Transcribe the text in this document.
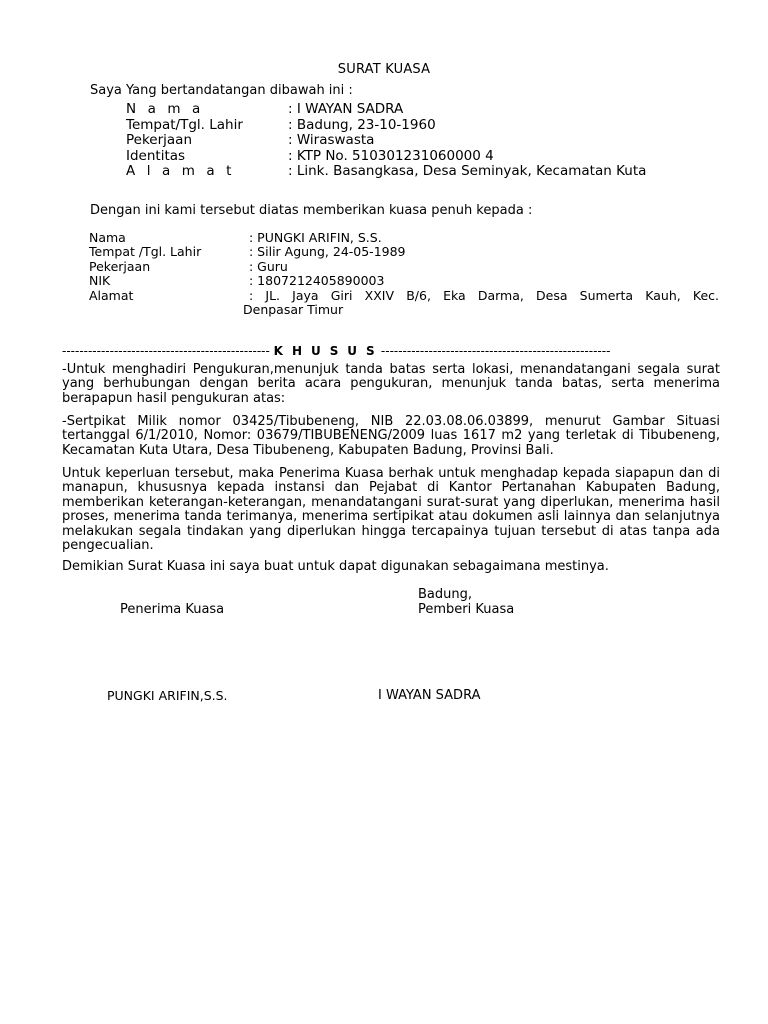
SURAT KUASA
Saya Yang bertandatangan dibawah ini :
N a m a	: I WAYAN SADRA
Tempat/Tgl. Lahir	: Badung, 23-10-1960
Pekerjaan	: Wiraswasta
Identitas	: KTP No. 510301231060000 4
A l a m a t	: Link. Basangkasa, Desa Seminyak, Kecamatan Kuta
Dengan ini kami tersebut diatas memberikan kuasa penuh kepada :
Nama	: PUNGKI ARIFIN, S.S.
Tempat /Tgl. Lahir	: Silir Agung, 24-05-1989
Pekerjaan	: Guru
NIK	: 1807212405890003
Alamat	: JL. Jaya Giri XXIV B/6, Eka Darma, Desa Sumerta Kauh, Kec.
Denpasar Timur
------------------------------------------------ K H U S U S -----------------------------------------------------
-Untuk menghadiri Pengukuran,menunjuk tanda batas serta lokasi, menandatangani segala surat yang berhubungan dengan berita acara pengukuran, menunjuk tanda batas, serta menerima berapapun hasil pengukuran atas:
-Sertpikat Milik nomor 03425/Tibubeneng, NIB 22.03.08.06.03899, menurut Gambar Situasi tertanggal 6/1/2010, Nomor: 03679/TIBUBENENG/2009 luas 1617 m2 yang terletak di Tibubeneng, Kecamatan Kuta Utara, Desa Tibubeneng, Kabupaten Badung, Provinsi Bali.
Untuk keperluan tersebut, maka Penerima Kuasa berhak untuk menghadap kepada siapapun dan di manapun, khususnya kepada instansi dan Pejabat di Kantor Pertanahan Kabupaten Badung, memberikan keterangan-keterangan, menandatangani surat-surat yang diperlukan, menerima hasil proses, menerima tanda terimanya, menerima sertipikat atau dokumen asli lainnya dan selanjutnya melakukan segala tindakan yang diperlukan hingga tercapainya tujuan tersebut di atas tanpa ada pengecualian.
Demikian Surat Kuasa ini saya buat untuk dapat digunakan sebagaimana mestinya.
Badung,
Penerima Kuasa	Pemberi Kuasa
PUNGKI ARIFIN,S.S.	I WAYAN SADRA
